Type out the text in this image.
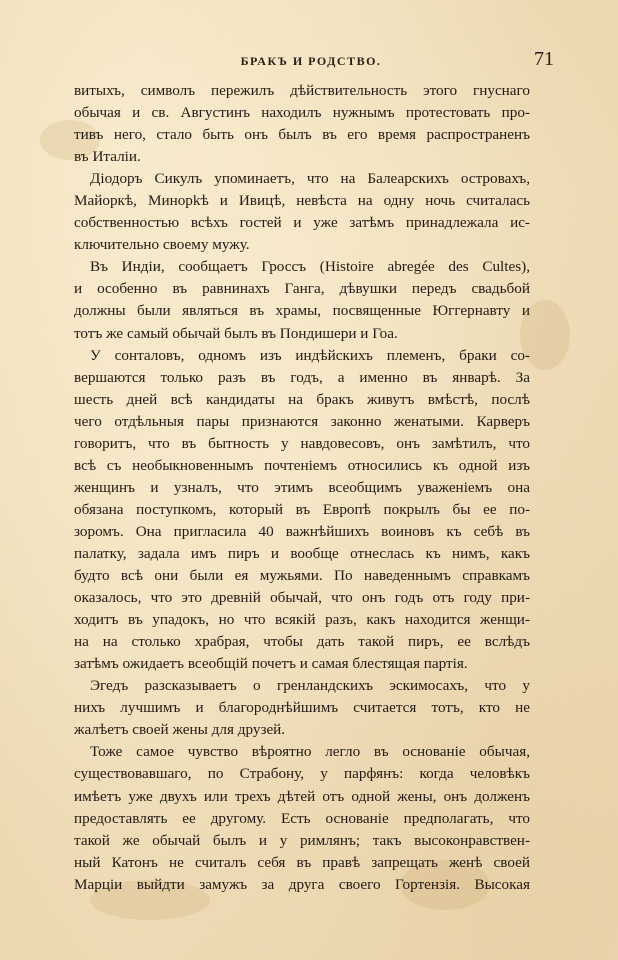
БРАКЪ И РОДСТВО.	71
витыхъ, символъ пережилъ дѣйствительность этого гнуснаго
обычая и св. Августинъ находилъ нужнымъ протестовать про-
тивъ него, стало быть онъ былъ въ его время распространенъ
въ Италіи.
Діодоръ Сикулъ упоминаетъ, что на Балеарскихъ островахъ,
Майоркѣ, Минорkѣ и Ивицѣ, невѣста на одну ночь считалась
собственностью всѣхъ гостей и уже затѣмъ принадлежала ис-
ключительно своему мужу.
Въ Индіи, сообщаетъ Гроссъ (Histoire abregée des Cultes),
и особенно въ равнинахъ Ганга, дѣвушки передъ свадьбой
должны были являться въ храмы, посвященные Юггернавту и
тотъ же самый обычай былъ въ Пондишери и Гоа.
У сонталовъ, одномъ изъ индѣйскихъ племенъ, браки со-
вершаются только разъ въ годъ, а именно въ январѣ. За
шесть дней всѣ кандидаты на бракъ живутъ вмѣстѣ, послѣ
чего отдѣльныя пары признаются законно женатыми. Карверъ
говоритъ, что въ бытность у навдовесовъ, онъ замѣтилъ, что
всѣ съ необыкновеннымъ почтеніемъ относились къ одной изъ
женщинъ и узналъ, что этимъ всеобщимъ уваженіемъ она
обязана поступкомъ, который въ Европѣ покрылъ бы ее по-
зоромъ. Она пригласила 40 важнѣйшихъ воиновъ къ себѣ въ
палатку, задала имъ пиръ и вообще отнеслась къ нимъ, какъ
будто всѣ они были ея мужьями. По наведеннымъ справкамъ
оказалось, что это древній обычай, что онъ годъ отъ году при-
ходитъ въ упадокъ, но что всякій разъ, какъ находится женщи-
на на столько храбрая, чтобы дать такой пиръ, ее вслѣдъ
затѣмъ ожидаетъ всеобщій почетъ и самая блестящая партія.
Эгедъ разсказываетъ о гренландскихъ эскимосахъ, что у
нихъ лучшимъ и благороднѣйшимъ считается тотъ, кто не
жалѣетъ своей жены для друзей.
Тоже самое чувство вѣроятно легло въ основаніе обычая,
существовавшаго, по Страбону, у парфянъ: когда человѣкъ
имѣетъ уже двухъ или трехъ дѣтей отъ одной жены, онъ долженъ
предоставлять ее другому. Есть основаніе предполагать, что
такой же обычай былъ и у римлянъ; такъ высоконравствен-
ный Катонъ не считалъ себя въ правѣ запрещать женѣ своей
Марціи выйдти замужъ за друга своего Гортензія. Высокая
